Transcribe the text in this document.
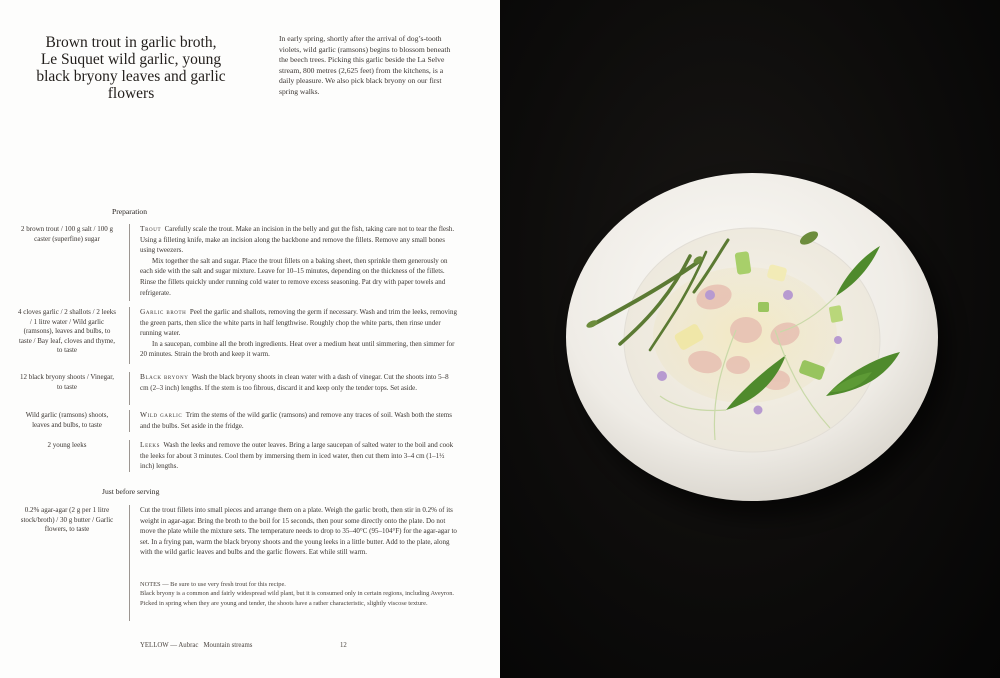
Brown trout in garlic broth, Le Suquet wild garlic, young black bryony leaves and garlic flowers
In early spring, shortly after the arrival of dog’s-tooth violets, wild garlic (ramsons) begins to blossom beneath the beech trees. Picking this garlic beside the La Selve stream, 800 metres (2,625 feet) from the kitchens, is a daily pleasure. We also pick black bryony on our first spring walks.
Preparation
2 brown trout / 100 g salt / 100 g caster (superfine) sugar

Trout Carefully scale the trout. Make an incision in the belly and gut the fish, taking care not to tear the flesh. Using a filleting knife, make an incision along the backbone and remove the fillets. Remove any small bones using tweezers.

Mix together the salt and sugar. Place the trout fillets on a baking sheet, then sprinkle them generously on each side with the salt and sugar mixture. Leave for 10–15 minutes, depending on the thickness of the fillets. Rinse the fillets quickly under running cold water to remove excess seasoning. Pat dry with paper towels and refrigerate.

4 cloves garlic / 2 shallots / 2 leeks / 1 litre water / Wild garlic (ramsons), leaves and bulbs, to taste / Bay leaf, cloves and thyme, to taste

Garlic broth Peel the garlic and shallots, removing the germ if necessary. Wash and trim the leeks, removing the green parts, then slice the white parts in half lengthwise. Roughly chop the white parts, then rinse under running water.

In a saucepan, combine all the broth ingredients. Heat over a medium heat until simmering, then simmer for 20 minutes. Strain the broth and keep it warm.

12 black bryony shoots / Vinegar, to taste

Black bryony Wash the black bryony shoots in clean water with a dash of vinegar. Cut the shoots into 5–8 cm (2–3 inch) lengths. If the stem is too fibrous, discard it and keep only the tender tops. Set aside.

Wild garlic (ramsons) shoots, leaves and bulbs, to taste

Wild garlic Trim the stems of the wild garlic (ramsons) and remove any traces of soil. Wash both the stems and the bulbs. Set aside in the fridge.

2 young leeks	Leeks Wash the leeks and remove the outer leaves. Bring a large saucepan of salted water to the boil and cook the leeks for about 3 minutes. Cool them by immersing them in iced water, then cut them into 3–4 cm (1–1½ inch) lengths.

Just before serving
0.2% agar-agar (2 g per 1 litre stock/broth) / 30 g butter / Garlic flowers, to taste
Cut the trout fillets into small pieces and arrange them on a plate. Weigh the garlic broth, then stir in 0.2% of its weight in agar-agar. Bring the broth to the boil for 15 seconds, then pour some directly onto the plate. Do not move the plate while the mixture sets. The temperature needs to drop to 35–40°C (95–104°F) for the agar-agar to set. In a frying pan, warm the black bryony shoots and the young leeks in a little butter. Add to the plate, along with the wild garlic leaves and bulbs and the garlic flowers. Eat while still warm.

NOTES — Be sure to use very fresh trout for this recipe.

Black bryony is a common and fairly widespread wild plant, but it is consumed only in certain regions, including Aveyron. Picked in spring when they are young and tender, the shoots have a rather characteristic, slightly viscose texture.

YELLOW — Aubrac Mountain streams	12
